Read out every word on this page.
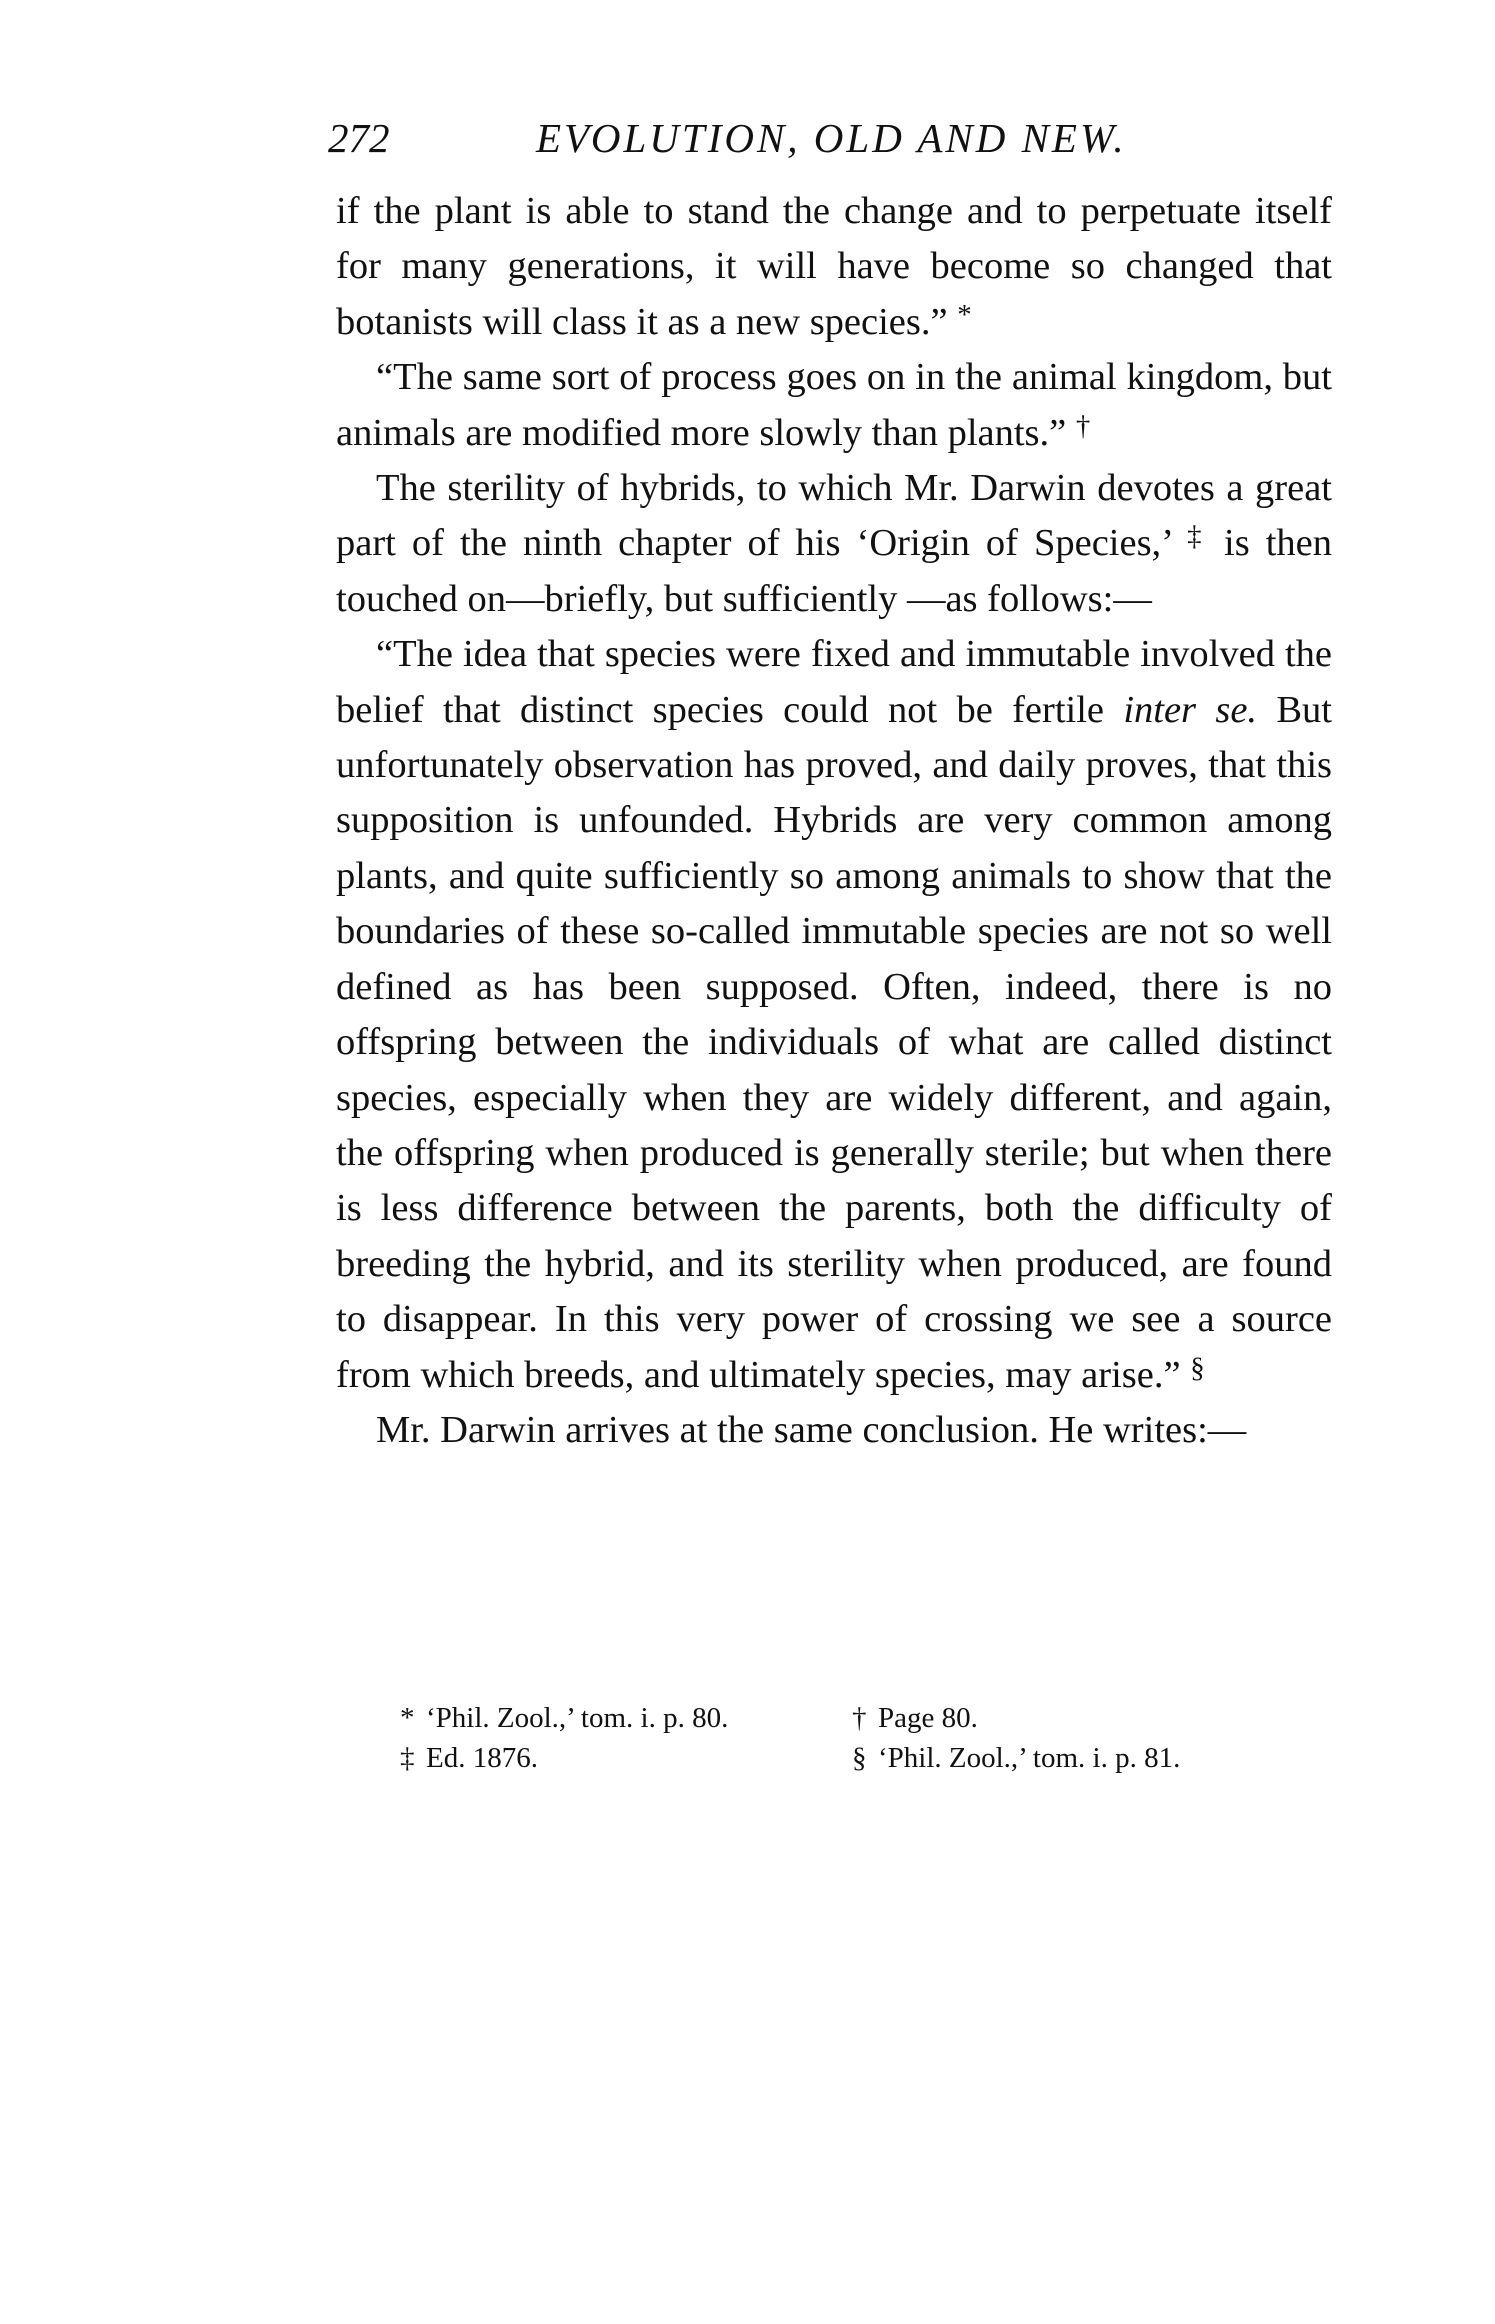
272	EVOLUTION, OLD AND NEW.

if the plant is able to stand the change and to perpetuate itself for many generations, it will have become so changed that botanists will class it as a new species.” *

“The same sort of process goes on in the animal kingdom, but animals are modified more slowly than plants.” †

The sterility of hybrids, to which Mr. Darwin devotes a great part of the ninth chapter of his ‘Origin of Species,’ ‡ is then touched on—briefly, but sufficiently —as follows:—

“The idea that species were fixed and immutable involved the belief that distinct species could not be fertile inter se. But unfortunately observation has proved, and daily proves, that this supposition is unfounded. Hybrids are very common among plants, and quite sufficiently so among animals to show that the boundaries of these so-called immutable species are not so well defined as has been supposed. Often, indeed, there is no offspring between the individuals of what are called distinct species, especially when they are widely different, and again, the offspring when produced is generally sterile; but when there is less difference between the parents, both the difficulty of breeding the hybrid, and its sterility when produced, are found to disappear. In this very power of crossing we see a source from which breeds, and ultimately species, may arise.” §

Mr. Darwin arrives at the same conclusion. He writes:—

* ‘Phil. Zool.,’ tom. i. p. 80.	† Page 80.
‡ Ed. 1876.	§ ‘Phil. Zool.,’ tom. i. p. 81.
